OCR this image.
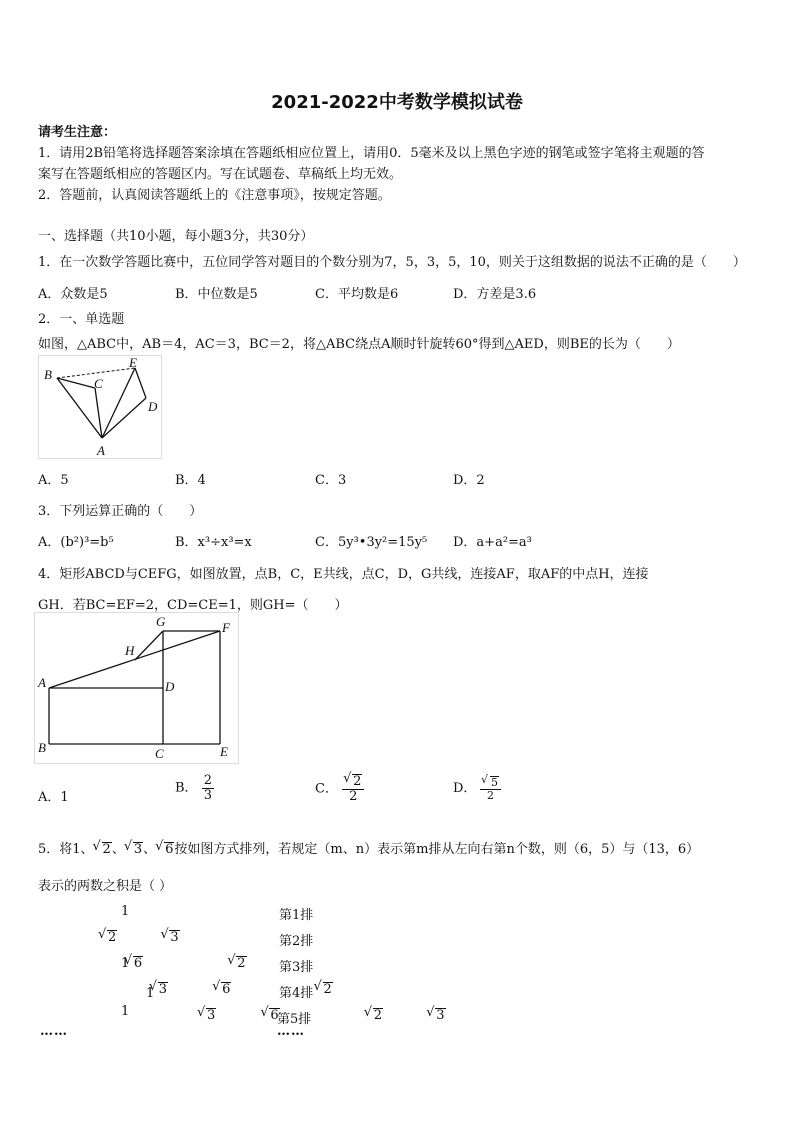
2021-2022中考数学模拟试卷
请考生注意：
1．请用2B铅笔将选择题答案涂填在答题纸相应位置上，请用0．5毫米及以上黑色字迹的钢笔或签字笔将主观题的答
案写在答题纸相应的答题区内。写在试题卷、草稿纸上均无效。
2．答题前，认真阅读答题纸上的《注意事项》，按规定答题。
一、选择题（共10小题，每小题3分，共30分）
1．在一次数学答题比赛中，五位同学答对题目的个数分别为7，5，3，5，10，则关于这组数据的说法不正确的是（　　）
A．众数是5	B．中位数是5	C．平均数是6	D．方差是3.6
2．一、单选题
如图，△ABC中，AB＝4，AC＝3，BC＝2，将△ABC绕点A顺时针旋转60°得到△AED，则BE的长为（　　）
B
C
E
D
A
A．5	B．4	C．3	D．2
3．下列运算正确的（　　）
A．(b²)³=b⁵	B．x³÷x³=x	C．5y³•3y²=15y⁵ D．a+a²=a³
4．矩形ABCD与CEFG，如图放置，点B，C，E共线，点C，D，G共线，连接AF，取AF的中点H，连接
GH．若BC=EF=2，CD=CE=1，则GH=（　　）
G	F
H
A	D
B	C	E
A．1
B． $\frac{2}{3}$	C． √ $\frac{2}{2}$	D． √ $\frac{5}{2}$
5．将1、 √ 2、 √ 3、 √ 6按如图方式排列，若规定（m、n）表示第m排从左向右第n个数，则（6，5）与（13，6）
表示的两数之积是（ ）
1
√ 2	√ 3 √ 6
1	√ 2 √ 3	√ 6
1	√ 2 √ 3	√ 6
1	√ 2	√ 3
……
第1排
第2排
第3排
第4排
第5排
……
